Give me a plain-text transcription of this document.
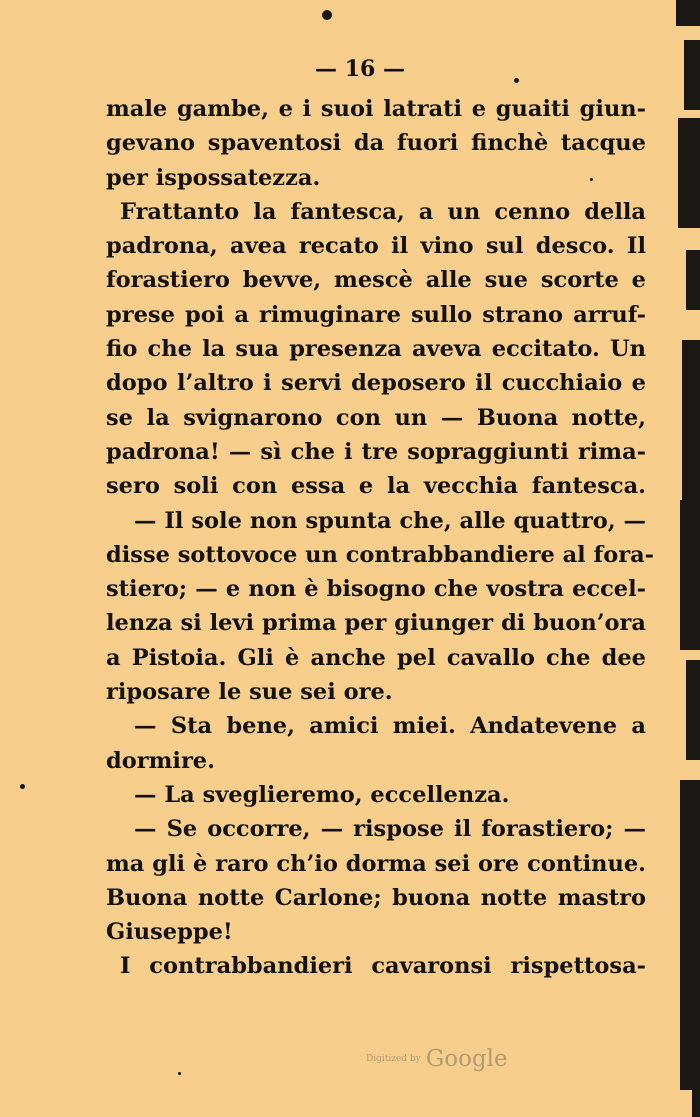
— 16 —
male gambe, e i suoi latrati e guaiti giun-
gevano spaventosi da fuori finchè tacque
per ispossatezza.
Frattanto la fantesca, a un cenno della
padrona, avea recato il vino sul desco. Il
forastiero bevve, mescè alle sue scorte e
prese poi a rimuginare sullo strano arruf-
fio che la sua presenza aveva eccitato. Un
dopo l’altro i servi deposero il cucchiaio e
se la svignarono con un — Buona notte,
padrona! — sì che i tre sopraggiunti rima-
sero soli con essa e la vecchia fantesca.
— Il sole non spunta che, alle quattro, —
disse sottovoce un contrabbandiere al fora-
stiero; — e non è bisogno che vostra eccel-
lenza si levi prima per giunger di buon’ora
a Pistoia. Gli è anche pel cavallo che dee
riposare le sue sei ore.
— Sta bene, amici miei. Andatevene a
dormire.
— La sveglieremo, eccellenza.
— Se occorre, — rispose il forastiero; —
ma gli è raro ch’io dorma sei ore continue.
Buona notte Carlone; buona notte mastro
Giuseppe!
I contrabbandieri cavaronsi rispettosa-
Digitized by Google
